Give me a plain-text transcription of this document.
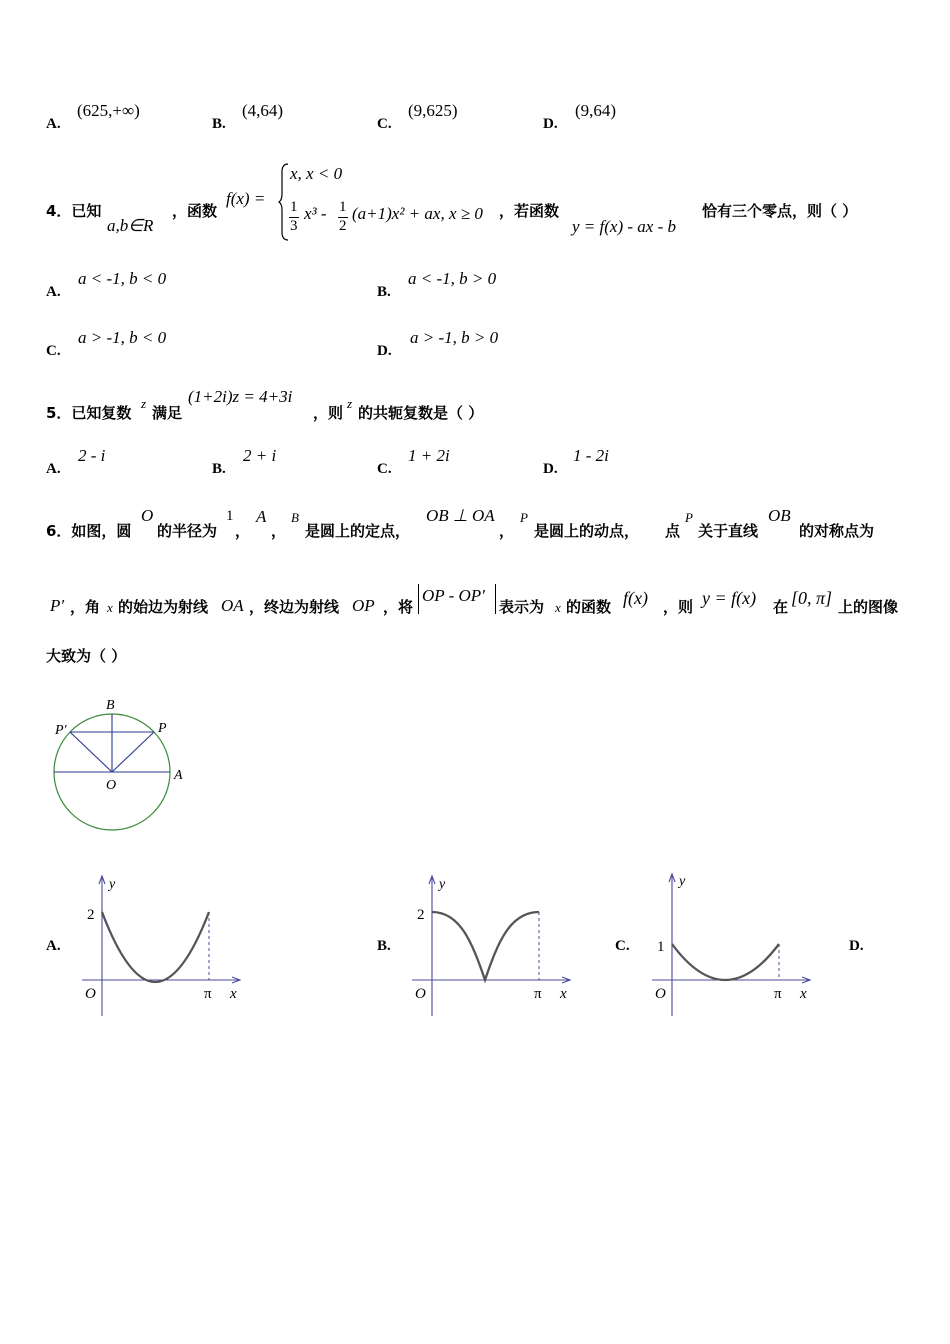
A.
(625,+∞)
B.
(4,64)
C.
(9,625)
D.
(9,64)
4．已知
a,b∈R
，函数
f(x) =
x, x < 0
1
3
x³ - 1
2
(a+1)x² + ax, x ≥ 0 ，若函数
y = f(x) - ax - b
恰有三个零点，则（ ）
A.
a < -1, b < 0
B.
a < -1, b > 0
C.
a > -1, b < 0
D.
a > -1, b > 0
5．已知复数
z
满足
(1+2i)z = 4+3i
，则
z
的共轭复数是（ ）
A.
2 - i
B.
2 + i
C.
1 + 2i
D.
1 - 2i
6．如图，圆
O
的半径为
1
，
A
，
B
是圆上的定点，
OB ⊥ OA
，
P
是圆上的动点， 点
P
关于直线
OB
的对称点为
P′ ，角 x 的始边为射线 OA ，终边为射线 OP ，将
OP - OP′
表示为 x 的函数 f(x) ，则 y = f(x) 在 [0, π] 上的图像
大致为（ ）
B
P′	P
O
A
A.	B.	C.	D.
y
2
O	π x
y
2
O	π x
y
1
O	π x
